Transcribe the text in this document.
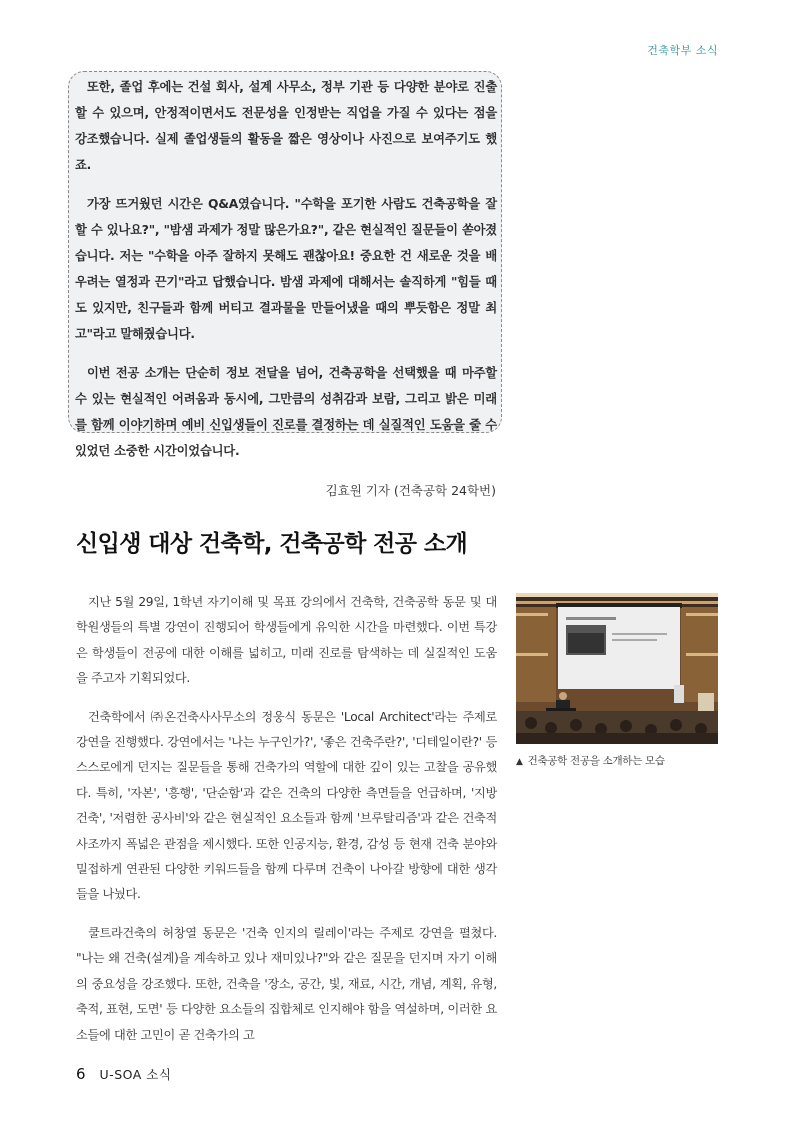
건축학부 소식

또한, 졸업 후에는 건설 회사, 설계 사무소, 정부 기관 등 다양한 분야로 진출할 수 있으며, 안정적이면서도 전문성을 인정받는 직업을 가질 수 있다는 점을 강조했습니다. 실제 졸업생들의 활동을 짧은 영상이나 사진으로 보여주기도 했죠.

가장 뜨거웠던 시간은 Q&A였습니다. "수학을 포기한 사람도 건축공학을 잘할 수 있나요?", "밤샘 과제가 정말 많은가요?", 같은 현실적인 질문들이 쏟아졌습니다. 저는 "수학을 아주 잘하지 못해도 괜찮아요! 중요한 건 새로운 것을 배우려는 열정과 끈기"라고 답했습니다. 밤샘 과제에 대해서는 솔직하게 "힘들 때도 있지만, 친구들과 함께 버티고 결과물을 만들어냈을 때의 뿌듯함은 정말 최고"라고 말해줬습니다.

이번 전공 소개는 단순히 정보 전달을 넘어, 건축공학을 선택했을 때 마주할 수 있는 현실적인 어려움과 동시에, 그만큼의 성취감과 보람, 그리고 밝은 미래를 함께 이야기하며 예비 신입생들이 진로를 결정하는 데 실질적인 도움을 줄 수 있었던 소중한 시간이었습니다.

김효원 기자 (건축공학 24학번)
신입생 대상 건축학, 건축공학 전공 소개

지난 5월 29일, 1학년 자기이해 및 목표 강의에서 건축학, 건축공학 동문 및 대학원생들의 특별 강연이 진행되어 학생들에게 유익한 시간을 마련했다. 이번 특강은 학생들이 전공에 대한 이해를 넓히고, 미래 진로를 탐색하는 데 실질적인 도움을 주고자 기획되었다.

건축학에서 ㈜온건축사사무소의 정웅식 동문은 'Local Architect'라는 주제로 강연을 진행했다. 강연에서는 '나는 누구인가?', '좋은 건축주란?', '디테일이란?' 등 스스로에게 던지는 질문들을 통해 건축가의 역할에 대한 깊이 있는 고찰을 공유했다. 특히, '자본', '흥행', '단순함'과 같은 건축의 다양한 측면들을 언급하며, '지방 건축', '저렴한 공사비'와 같은 현실적인 요소들과 함께 '브루탈리즘'과 같은 건축적 사조까지 폭넓은 관점을 제시했다. 또한 인공지능, 환경, 감성 등 현재 건축 분야와 밀접하게 연관된 다양한 키워드들을 함께 다루며 건축이 나아갈 방향에 대한 생각들을 나눴다.

쿨트라건축의 허창열 동문은 '건축 인지의 릴레이'라는 주제로 강연을 펼쳤다. "나는 왜 건축(설계)을 계속하고 있나 재미있나?"와 같은 질문을 던지며 자기 이해의 중요성을 강조했다. 또한, 건축을 '장소, 공간, 빛, 재료, 시간, 개념, 계획, 유형, 축적, 표현, 도면' 등 다양한 요소들의 집합체로 인지해야 함을 역설하며, 이러한 요소들에 대한 고민이 곧 건축가의 고

▲ 건축공학 전공을 소개하는 모습
6 U-SOA 소식
